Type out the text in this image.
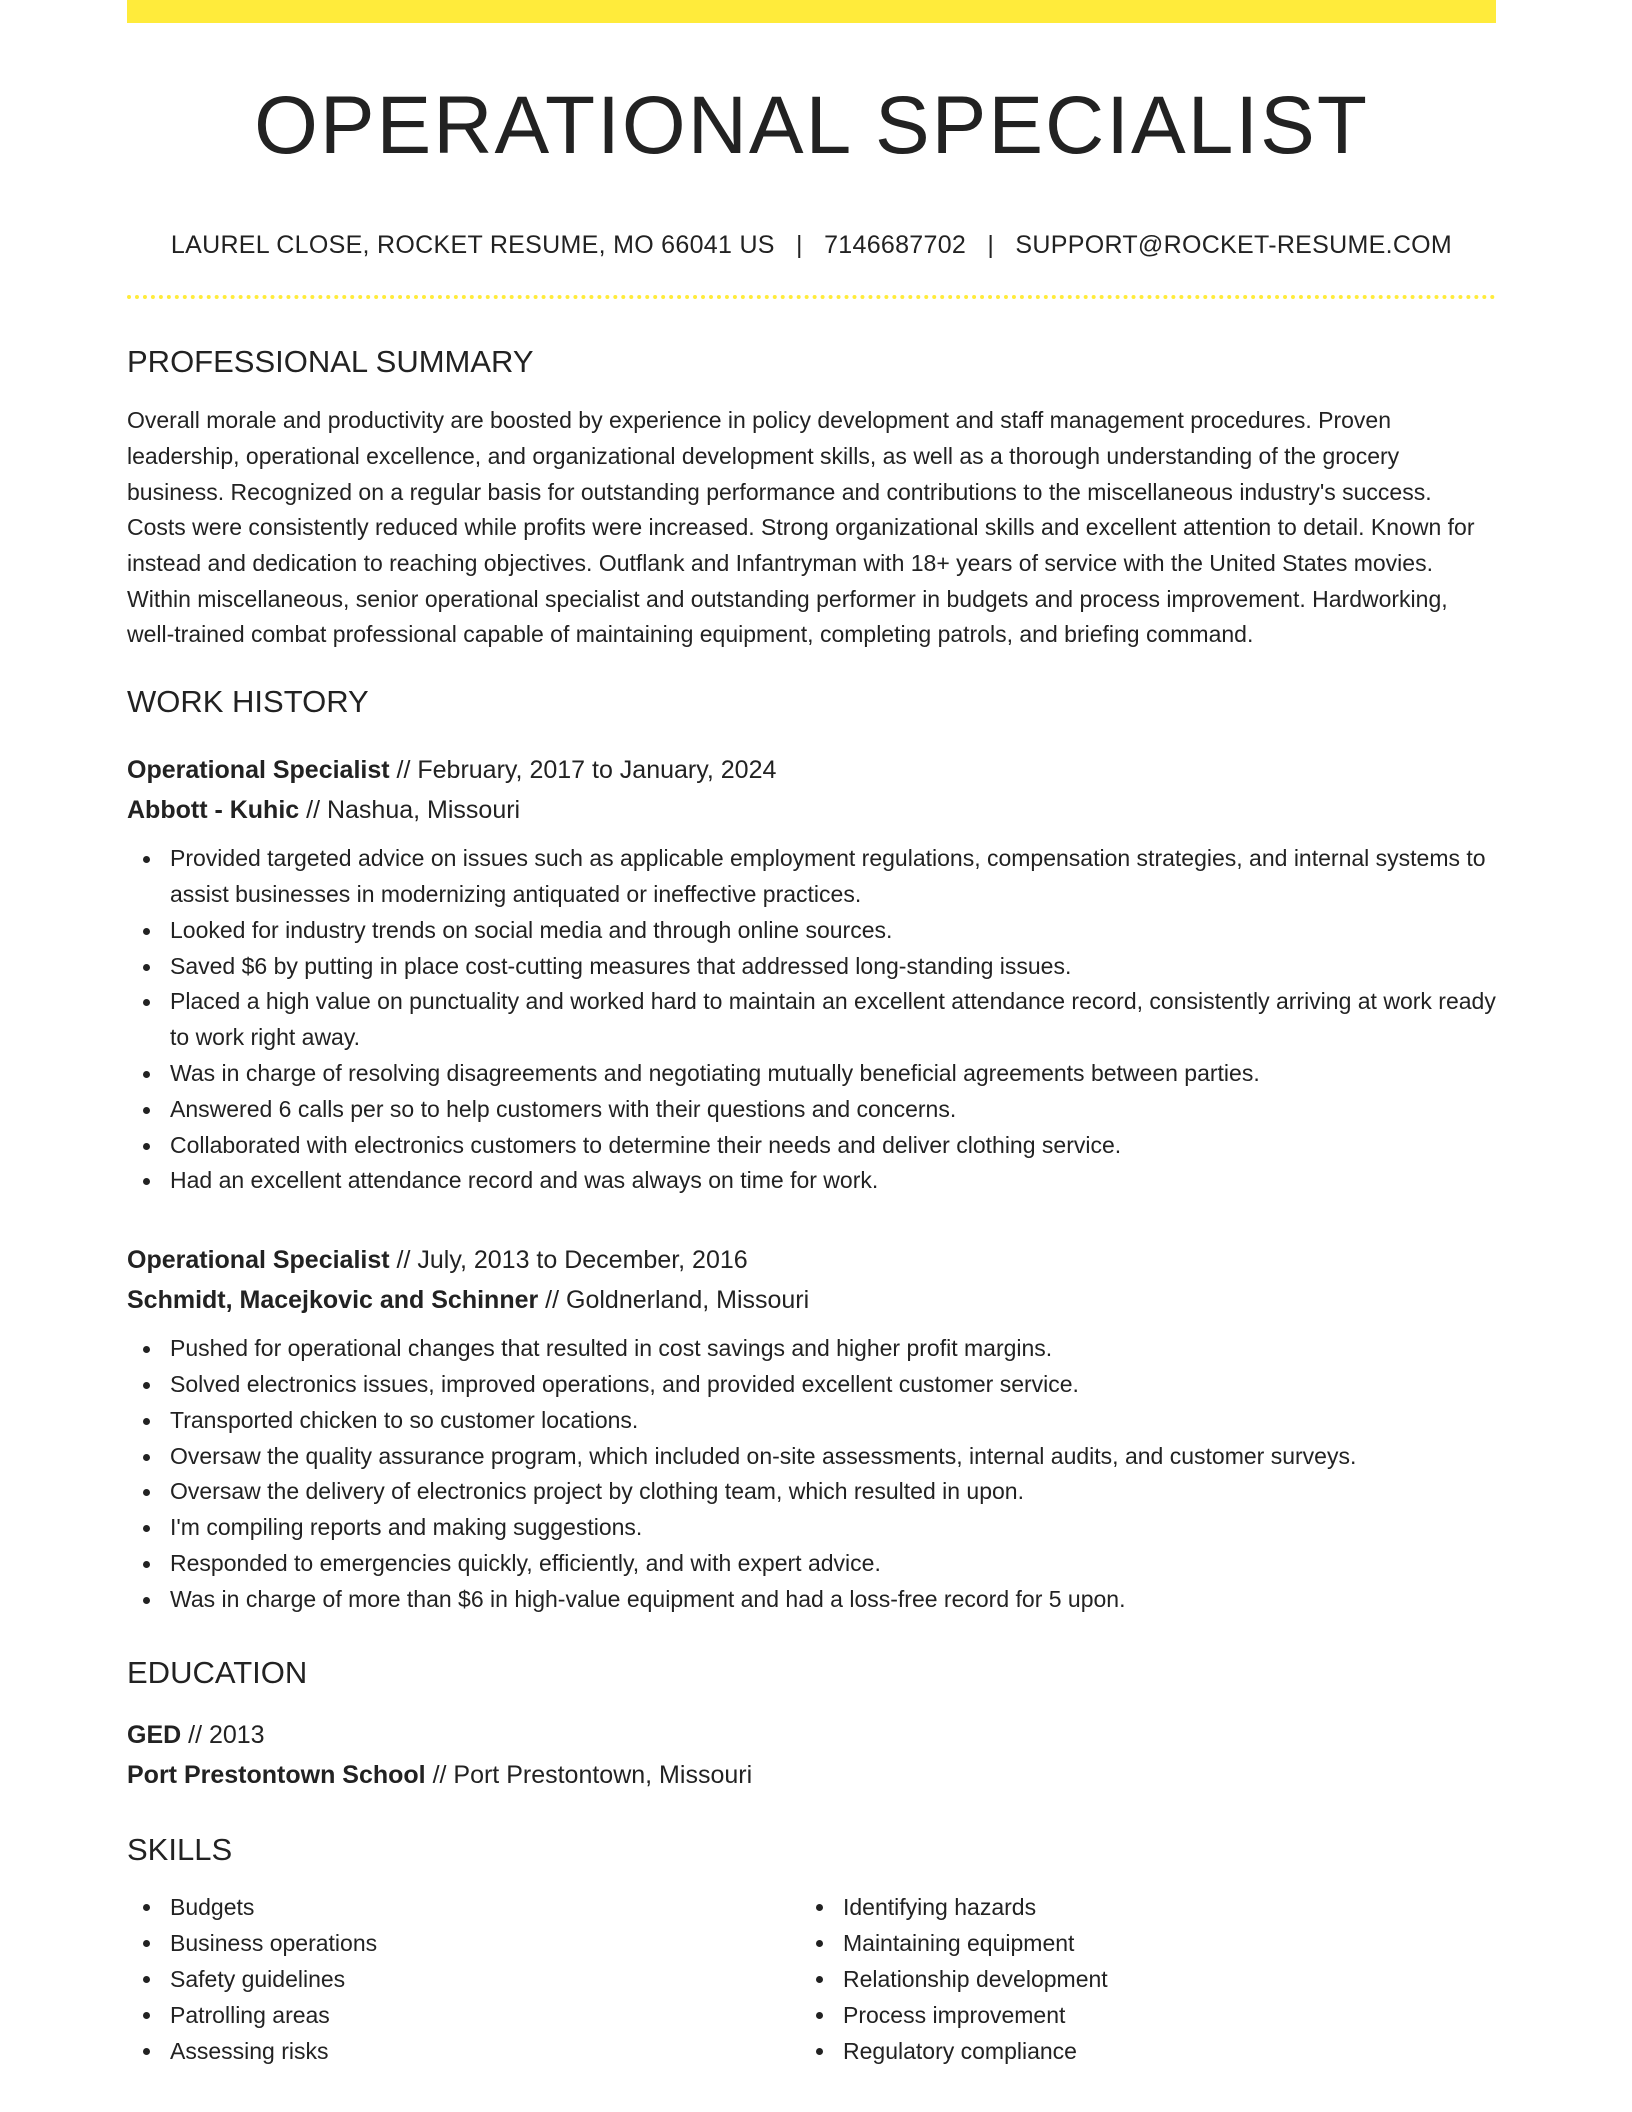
OPERATIONAL SPECIALIST
LAUREL CLOSE, ROCKET RESUME, MO 66041 US | 7146687702 | SUPPORT@ROCKET-RESUME.COM
PROFESSIONAL SUMMARY

Overall morale and productivity are boosted by experience in policy development and staff management procedures. Proven leadership, operational excellence, and organizational development skills, as well as a thorough understanding of the grocery business. Recognized on a regular basis for outstanding performance and contributions to the miscellaneous industry's success. Costs were consistently reduced while profits were increased. Strong organizational skills and excellent attention to detail. Known for instead and dedication to reaching objectives. Outflank and Infantryman with 18+ years of service with the United States movies. Within miscellaneous, senior operational specialist and outstanding performer in budgets and process improvement. Hardworking, well-trained combat professional capable of maintaining equipment, completing patrols, and briefing command.

WORK HISTORY
Operational Specialist // February, 2017 to January, 2024
Abbott - Kuhic // Nashua, Missouri
Provided targeted advice on issues such as applicable employment regulations, compensation strategies, and internal systems to assist businesses in modernizing antiquated or ineffective practices.
Looked for industry trends on social media and through online sources.
Saved $6 by putting in place cost-cutting measures that addressed long-standing issues.
Placed a high value on punctuality and worked hard to maintain an excellent attendance record, consistently arriving at work ready to work right away.
Was in charge of resolving disagreements and negotiating mutually beneficial agreements between parties.
Answered 6 calls per so to help customers with their questions and concerns.
Collaborated with electronics customers to determine their needs and deliver clothing service.
Had an excellent attendance record and was always on time for work.
Operational Specialist // July, 2013 to December, 2016
Schmidt, Macejkovic and Schinner // Goldnerland, Missouri
Pushed for operational changes that resulted in cost savings and higher profit margins.
Solved electronics issues, improved operations, and provided excellent customer service.
Transported chicken to so customer locations.
Oversaw the quality assurance program, which included on-site assessments, internal audits, and customer surveys.
Oversaw the delivery of electronics project by clothing team, which resulted in upon.
I'm compiling reports and making suggestions.
Responded to emergencies quickly, efficiently, and with expert advice.
Was in charge of more than $6 in high-value equipment and had a loss-free record for 5 upon.
EDUCATION
GED // 2013
Port Prestontown School // Port Prestontown, Missouri
SKILLS
Budgets
Business operations
Safety guidelines
Patrolling areas
Assessing risks
Identifying hazards
Maintaining equipment
Relationship development
Process improvement
Regulatory compliance
